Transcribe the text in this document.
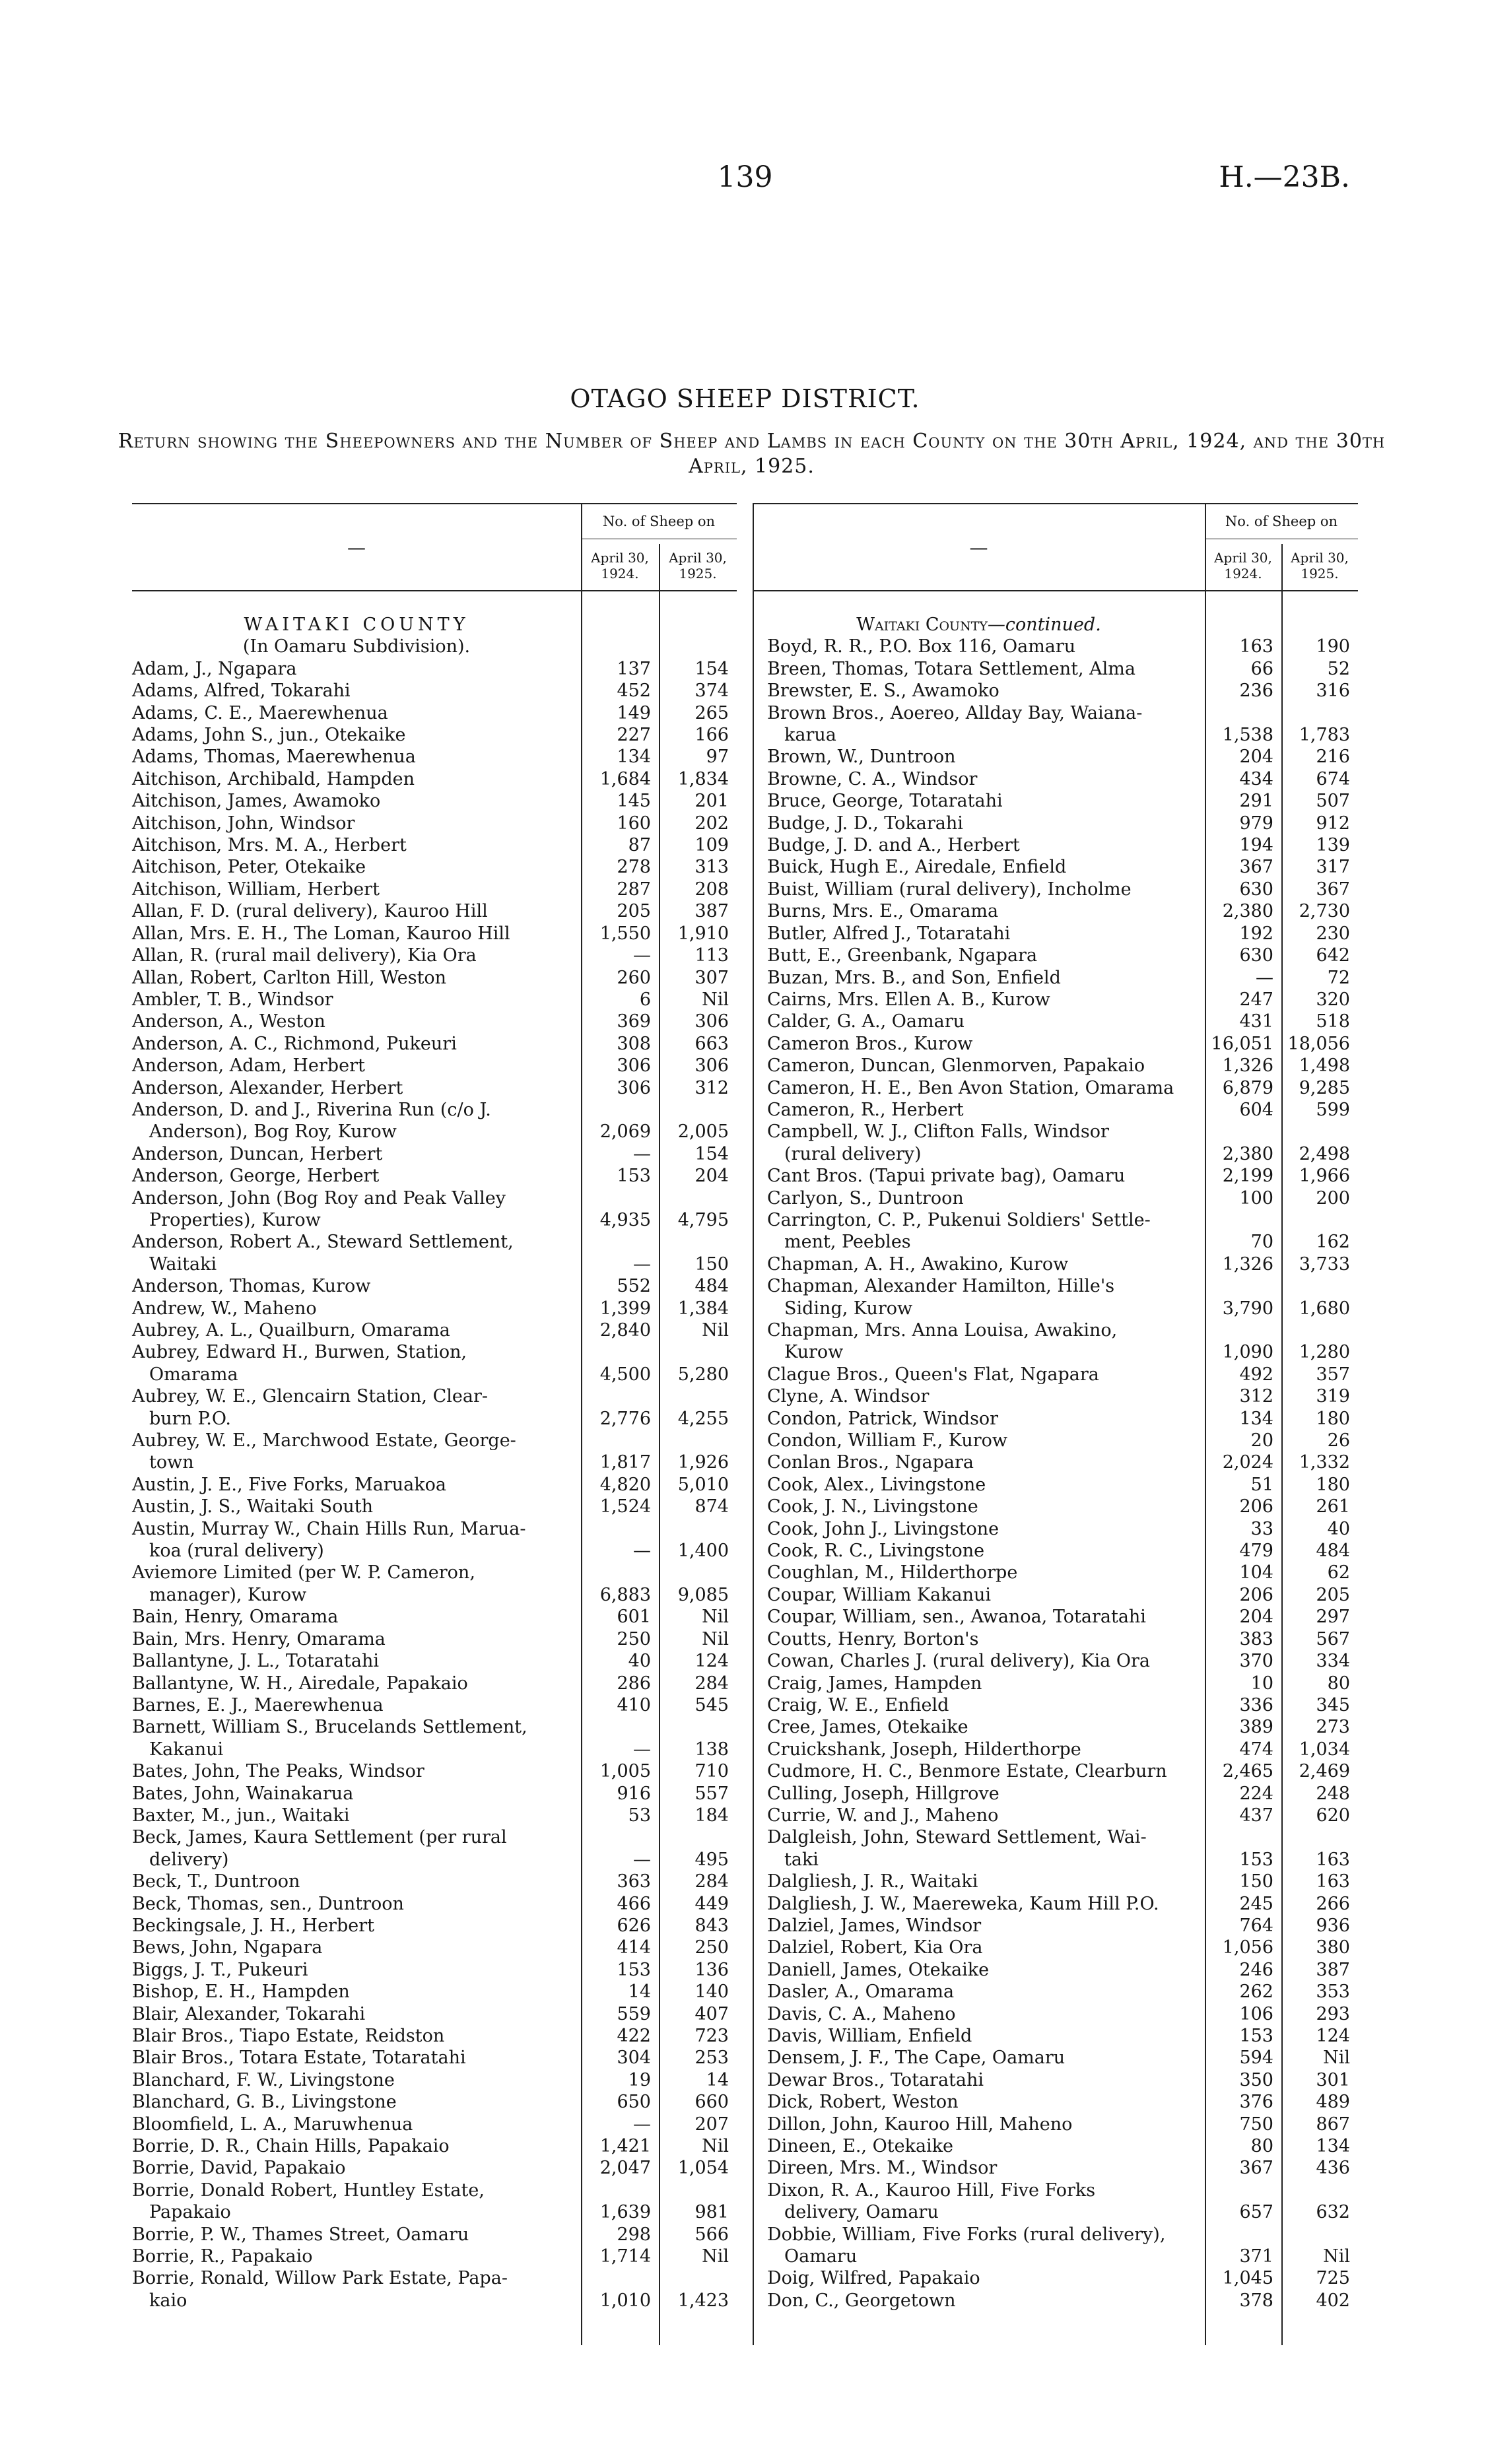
139	H.—23B.
OTAGO SHEEP DISTRICT.
Return showing the Sheepowners and the Number of Sheep and Lambs in each County on the 30th April, 1924, and the 30th April, 1925.
—
No. of Sheep on
April 30,
1924.
April 30,
1925.
—
No. of Sheep on
April 30,
1924.
April 30,
1925.
WAITAKI COUNTY
(In Oamaru Subdivision).
Adam, J., Ngapara	137	154
Adams, Alfred, Tokarahi	452	374
Adams, C. E., Maerewhenua	149	265
Adams, John S., jun., Otekaike	227	166
Adams, Thomas, Maerewhenua	134	97
Aitchison, Archibald, Hampden	1,684	1,834
Aitchison, James, Awamoko	145	201
Aitchison, John, Windsor	160	202
Aitchison, Mrs. M. A., Herbert	87	109
Aitchison, Peter, Otekaike	278	313
Aitchison, William, Herbert	287	208
Allan, F. D. (rural delivery), Kauroo Hill	205	387
Allan, Mrs. E. H., The Loman, Kauroo Hill	1,550	1,910
Allan, R. (rural mail delivery), Kia Ora	—	113
Allan, Robert, Carlton Hill, Weston	260	307
Ambler, T. B., Windsor	6	Nil
Anderson, A., Weston	369	306
Anderson, A. C., Richmond, Pukeuri	308	663
Anderson, Adam, Herbert	306	306
Anderson, Alexander, Herbert	306	312
Anderson, D. and J., Riverina Run (c/o J.
Anderson), Bog Roy, Kurow	2,069	2,005
Anderson, Duncan, Herbert	—	154
Anderson, George, Herbert	153	204
Anderson, John (Bog Roy and Peak Valley
Properties), Kurow	4,935	4,795
Anderson, Robert A., Steward Settlement,
Waitaki	—	150
Anderson, Thomas, Kurow	552	484
Andrew, W., Maheno	1,399	1,384
Aubrey, A. L., Quailburn, Omarama	2,840	Nil
Aubrey, Edward H., Burwen, Station,
Omarama	4,500	5,280
Aubrey, W. E., Glencairn Station, Clear-
burn P.O.	2,776	4,255
Aubrey, W. E., Marchwood Estate, George-
town	1,817	1,926
Austin, J. E., Five Forks, Maruakoa	4,820	5,010
Austin, J. S., Waitaki South	1,524	874
Austin, Murray W., Chain Hills Run, Marua-
koa (rural delivery)	—	1,400
Aviemore Limited (per W. P. Cameron,
manager), Kurow	6,883	9,085
Bain, Henry, Omarama	601	Nil
Bain, Mrs. Henry, Omarama	250	Nil
Ballantyne, J. L., Totaratahi	40	124
Ballantyne, W. H., Airedale, Papakaio	286	284
Barnes, E. J., Maerewhenua	410	545
Barnett, William S., Brucelands Settlement,
Kakanui	—	138
Bates, John, The Peaks, Windsor	1,005	710
Bates, John, Wainakarua	916	557
Baxter, M., jun., Waitaki	53	184
Beck, James, Kaura Settlement (per rural
delivery)	—	495
Beck, T., Duntroon	363	284
Beck, Thomas, sen., Duntroon	466	449
Beckingsale, J. H., Herbert	626	843
Bews, John, Ngapara	414	250
Biggs, J. T., Pukeuri	153	136
Bishop, E. H., Hampden	14	140
Blair, Alexander, Tokarahi	559	407
Blair Bros., Tiapo Estate, Reidston	422	723
Blair Bros., Totara Estate, Totaratahi	304	253
Blanchard, F. W., Livingstone	19	14
Blanchard, G. B., Livingstone	650	660
Bloomfield, L. A., Maruwhenua	—	207
Borrie, D. R., Chain Hills, Papakaio	1,421	Nil
Borrie, David, Papakaio	2,047	1,054
Borrie, Donald Robert, Huntley Estate,
Papakaio	1,639	981
Borrie, P. W., Thames Street, Oamaru	298	566
Borrie, R., Papakaio	1,714	Nil
Borrie, Ronald, Willow Park Estate, Papa-
kaio	1,010	1,423
Waitaki County—continued.
Boyd, R. R., P.O. Box 116, Oamaru	163	190
Breen, Thomas, Totara Settlement, Alma	66	52
Brewster, E. S., Awamoko	236	316
Brown Bros., Aoereo, Allday Bay, Waiana-
karua	1,538	1,783
Brown, W., Duntroon	204	216
Browne, C. A., Windsor	434	674
Bruce, George, Totaratahi	291	507
Budge, J. D., Tokarahi	979	912
Budge, J. D. and A., Herbert	194	139
Buick, Hugh E., Airedale, Enfield	367	317
Buist, William (rural delivery), Incholme	630	367
Burns, Mrs. E., Omarama	2,380	2,730
Butler, Alfred J., Totaratahi	192	230
Butt, E., Greenbank, Ngapara	630	642
Buzan, Mrs. B., and Son, Enfield	—	72
Cairns, Mrs. Ellen A. B., Kurow	247	320
Calder, G. A., Oamaru	431	518
Cameron Bros., Kurow	16,051 18,056
Cameron, Duncan, Glenmorven, Papakaio	1,326	1,498
Cameron, H. E., Ben Avon Station, Omarama	6,879	9,285
Cameron, R., Herbert	604	599
Campbell, W. J., Clifton Falls, Windsor
(rural delivery)	2,380	2,498
Cant Bros. (Tapui private bag), Oamaru	2,199	1,966
Carlyon, S., Duntroon	100	200
Carrington, C. P., Pukenui Soldiers' Settle-
ment, Peebles	70	162
Chapman, A. H., Awakino, Kurow	1,326	3,733
Chapman, Alexander Hamilton, Hille's
Siding, Kurow	3,790	1,680
Chapman, Mrs. Anna Louisa, Awakino,
Kurow	1,090	1,280
Clague Bros., Queen's Flat, Ngapara	492	357
Clyne, A. Windsor	312	319
Condon, Patrick, Windsor	134	180
Condon, William F., Kurow	20	26
Conlan Bros., Ngapara	2,024	1,332
Cook, Alex., Livingstone	51	180
Cook, J. N., Livingstone	206	261
Cook, John J., Livingstone	33	40
Cook, R. C., Livingstone	479	484
Coughlan, M., Hilderthorpe	104	62
Coupar, William Kakanui	206	205
Coupar, William, sen., Awanoa, Totaratahi	204	297
Coutts, Henry, Borton's	383	567
Cowan, Charles J. (rural delivery), Kia Ora	370	334
Craig, James, Hampden	10	80
Craig, W. E., Enfield	336	345
Cree, James, Otekaike	389	273
Cruickshank, Joseph, Hilderthorpe	474	1,034
Cudmore, H. C., Benmore Estate, Clearburn	2,465	2,469
Culling, Joseph, Hillgrove	224	248
Currie, W. and J., Maheno	437	620
Dalgleish, John, Steward Settlement, Wai-
taki	153	163
Dalgliesh, J. R., Waitaki	150	163
Dalgliesh, J. W., Maereweka, Kaum Hill P.O.	245	266
Dalziel, James, Windsor	764	936
Dalziel, Robert, Kia Ora	1,056	380
Daniell, James, Otekaike	246	387
Dasler, A., Omarama	262	353
Davis, C. A., Maheno	106	293
Davis, William, Enfield	153	124
Densem, J. F., The Cape, Oamaru	594	Nil
Dewar Bros., Totaratahi	350	301
Dick, Robert, Weston	376	489
Dillon, John, Kauroo Hill, Maheno	750	867
Dineen, E., Otekaike	80	134
Direen, Mrs. M., Windsor	367	436
Dixon, R. A., Kauroo Hill, Five Forks
delivery, Oamaru	657	632
Dobbie, William, Five Forks (rural delivery),
Oamaru	371	Nil
Doig, Wilfred, Papakaio	1,045	725
Don, C., Georgetown	378	402
